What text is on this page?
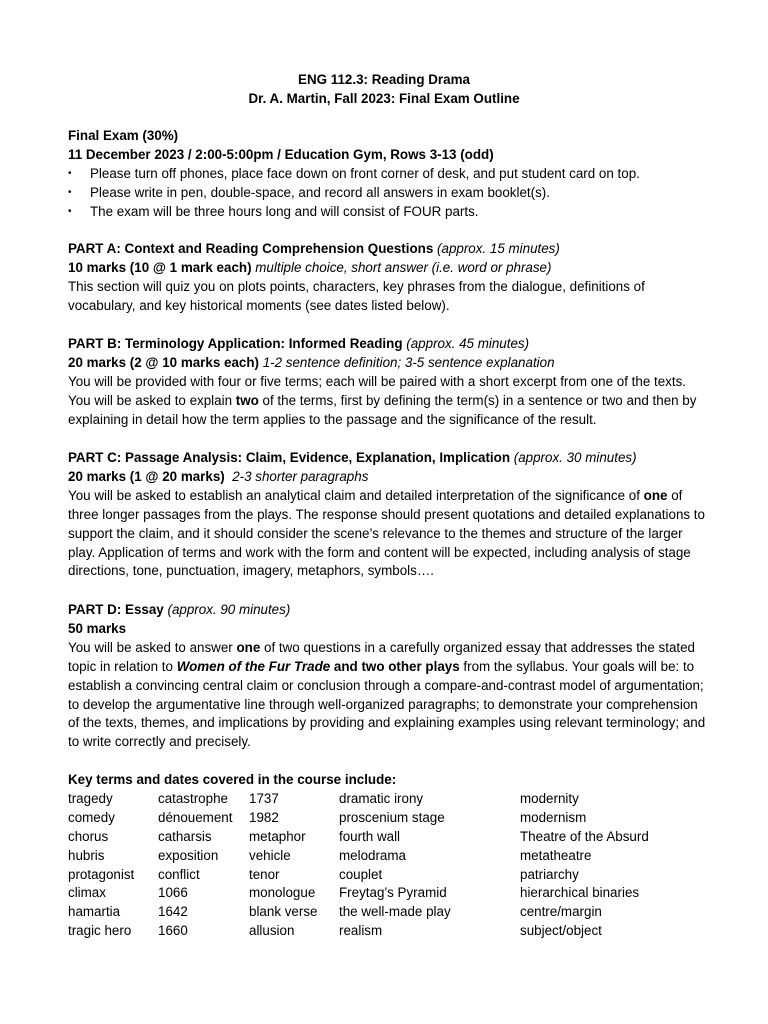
ENG 112.3: Reading Drama
Dr. A. Martin, Fall 2023: Final Exam Outline
Final Exam (30%)
11 December 2023 / 2:00-5:00pm / Education Gym, Rows 3-13 (odd)
• Please turn off phones, place face down on front corner of desk, and put student card on top.
• Please write in pen, double-space, and record all answers in exam booklet(s).
• The exam will be three hours long and will consist of FOUR parts.
PART A: Context and Reading Comprehension Questions (approx. 15 minutes)
10 marks (10 @ 1 mark each) multiple choice, short answer (i.e. word or phrase)

This section will quiz you on plots points, characters, key phrases from the dialogue, definitions of vocabulary, and key historical moments (see dates listed below).

PART B: Terminology Application: Informed Reading (approx. 45 minutes)
20 marks (2 @ 10 marks each) 1-2 sentence definition; 3-5 sentence explanation

You will be provided with four or five terms; each will be paired with a short excerpt from one of the texts. You will be asked to explain two of the terms, first by defining the term(s) in a sentence or two and then by explaining in detail how the term applies to the passage and the significance of the result.

PART C: Passage Analysis: Claim, Evidence, Explanation, Implication (approx. 30 minutes)
20 marks (1 @ 20 marks) 2-3 shorter paragraphs

You will be asked to establish an analytical claim and detailed interpretation of the significance of one of three longer passages from the plays. The response should present quotations and detailed explanations to support the claim, and it should consider the scene’s relevance to the themes and structure of the larger play. Application of terms and work with the form and content will be expected, including analysis of stage directions, tone, punctuation, imagery, metaphors, symbols….

PART D: Essay (approx. 90 minutes)
50 marks

You will be asked to answer one of two questions in a carefully organized essay that addresses the stated topic in relation to Women of the Fur Trade and two other plays from the syllabus. Your goals will be: to establish a convincing central claim or conclusion through a compare-and-contrast model of argumentation; to develop the argumentative line through well-organized paragraphs; to demonstrate your comprehension of the texts, themes, and implications by providing and explaining examples using relevant terminology; and to write correctly and precisely.

Key terms and dates covered in the course include:
tragedy
comedy
chorus
hubris
protagonist
climax
hamartia
tragic hero
catastrophe
dénouement
catharsis
exposition
conflict
1066
1642
1660
1737
1982
metaphor
vehicle
tenor
monologue
blank verse
allusion
dramatic irony
proscenium stage
fourth wall
melodrama
couplet
Freytag’s Pyramid
the well-made play
realism
modernity
modernism
Theatre of the Absurd
metatheatre
patriarchy
hierarchical binaries
centre/margin
subject/object
